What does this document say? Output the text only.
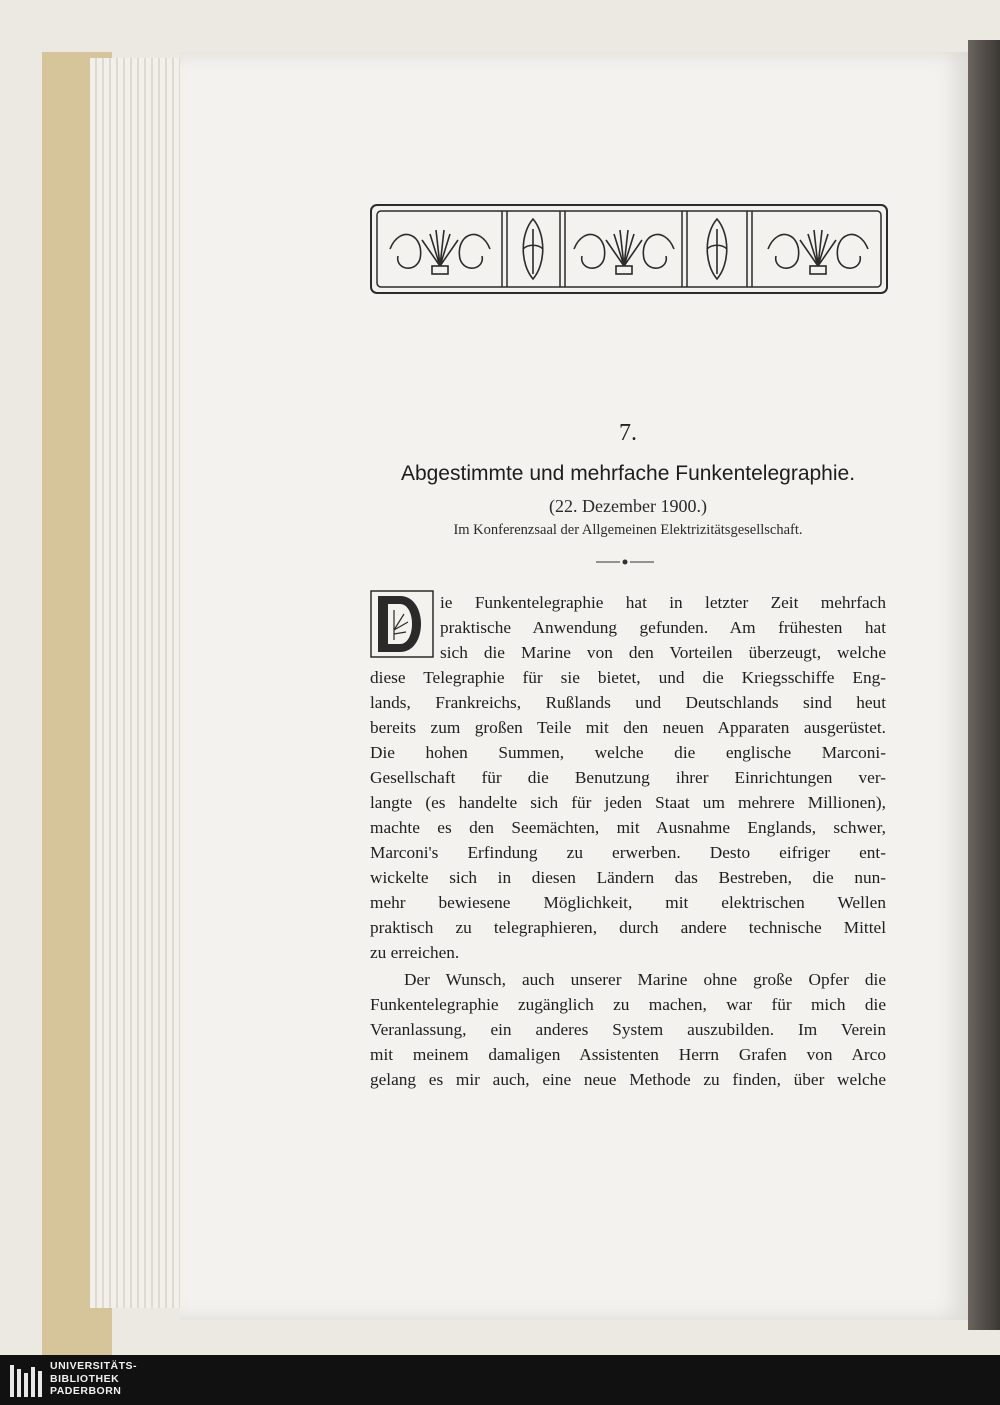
7.
Abgestimmte und mehrfache Funkentelegraphie.
(22. Dezember 1900.)
Im Konferenzsaal der Allgemeinen Elektrizitätsgesellschaft.
D

ie Funkentelegraphie hat in letzter Zeit mehrfach

praktische Anwendung gefunden. Am frühesten hat

sich die Marine von den Vorteilen überzeugt, welche

diese Telegraphie für sie bietet, und die Kriegsschiffe Eng-

lands, Frankreichs, Rußlands und Deutschlands sind heut

bereits zum großen Teile mit den neuen Apparaten ausgerüstet.

Die hohen Summen, welche die englische Marconi-

Gesellschaft für die Benutzung ihrer Einrichtungen ver-

langte (es handelte sich für jeden Staat um mehrere Millionen),

machte es den Seemächten, mit Ausnahme Englands, schwer,

Marconi's Erfindung zu erwerben. Desto eifriger ent-

wickelte sich in diesen Ländern das Bestreben, die nun-

mehr bewiesene Möglichkeit, mit elektrischen Wellen

praktisch zu telegraphieren, durch andere technische Mittel

zu erreichen.

Der Wunsch, auch unserer Marine ohne große Opfer die

Funkentelegraphie zugänglich zu machen, war für mich die

Veranlassung, ein anderes System auszubilden. Im Verein

mit meinem damaligen Assistenten Herrn Grafen von Arco

gelang es mir auch, eine neue Methode zu finden, über welche

UNIVERSITÄTS-
BIBLIOTHEK
PADERBORN
